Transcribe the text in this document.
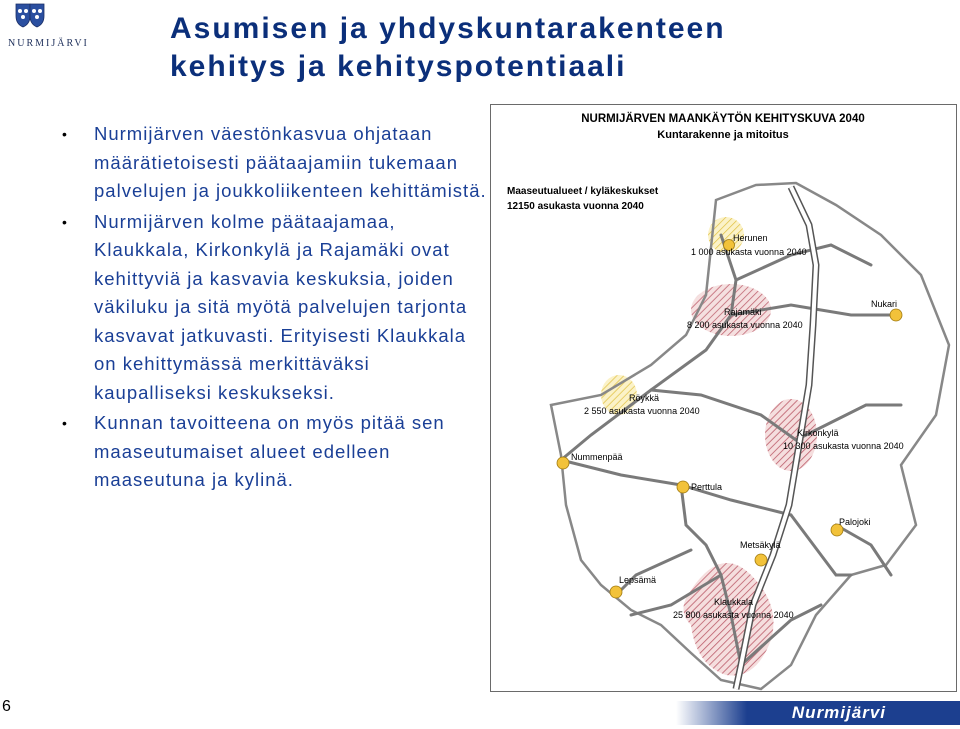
NURMIJÄRVI	Asumisen ja yhdyskuntarakenteen
kehitys ja kehityspotentiaali
• Nurmijärven väestönkasvua ohjataan määrätietoisesti päätaajamiin tukemaan palvelujen ja joukkoliikenteen kehittämistä.
• Nurmijärven kolme päätaajamaa, Klaukkala, Kirkonkylä ja Rajamäki ovat kehittyviä ja kasvavia keskuksia, joiden väkiluku ja sitä myötä palvelujen tarjonta kasvavat jatkuvasti. Erityisesti Klaukkala on kehittymässä merkittäväksi kaupalliseksi keskukseksi.
• Kunnan tavoitteena on myös pitää sen maaseutumaiset alueet edelleen maaseutuna ja kylinä.
NURMIJÄRVEN MAANKÄYTÖN KEHITYSKUVA 2040
Kuntarakenne ja mitoitus
Maaseutualueet / kyläkeskukset
12150 asukasta vuonna 2040
Herunen
1 000 asukasta vuonna 2040
Rajamäki
8 200 asukasta vuonna 2040
Nukari
Röykkä
2 550 asukasta vuonna 2040
Kirkonkylä
10 300 asukasta vuonna 2040
Nummenpää
Perttula
Palojoki
Metsäkylä
Lepsämä
Klaukkala
25 800 asukasta vuonna 2040
Nurmijärvi
6
